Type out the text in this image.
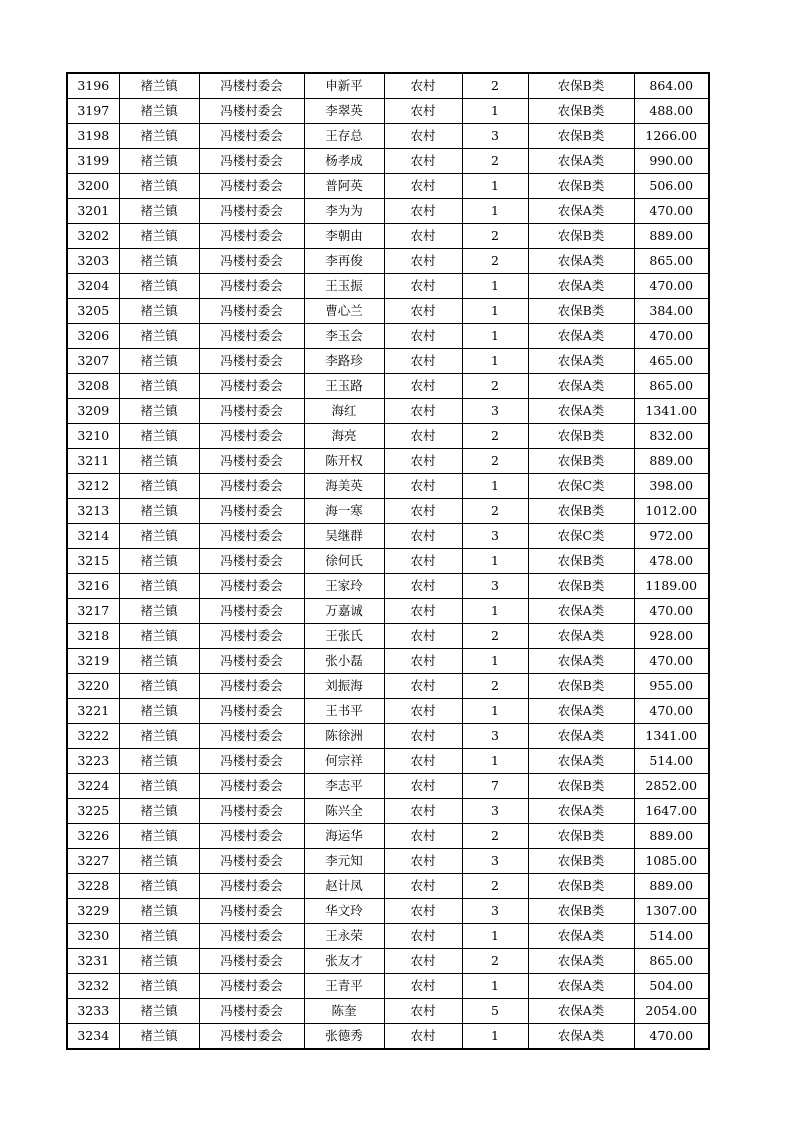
3196	褚兰镇	冯楼村委会	申新平	农村	2	农保B类	864.00
3197	褚兰镇	冯楼村委会	李翠英	农村	1	农保B类	488.00
3198	褚兰镇	冯楼村委会	王存总	农村	3	农保B类	1266.00
3199	褚兰镇	冯楼村委会	杨孝成	农村	2	农保A类	990.00
3200	褚兰镇	冯楼村委会	普阿英	农村	1	农保B类	506.00
3201	褚兰镇	冯楼村委会	李为为	农村	1	农保A类	470.00
3202	褚兰镇	冯楼村委会	李朝由	农村	2	农保B类	889.00
3203	褚兰镇	冯楼村委会	李再俊	农村	2	农保A类	865.00
3204	褚兰镇	冯楼村委会	王玉振	农村	1	农保A类	470.00
3205	褚兰镇	冯楼村委会	曹心兰	农村	1	农保B类	384.00
3206	褚兰镇	冯楼村委会	李玉会	农村	1	农保A类	470.00
3207	褚兰镇	冯楼村委会	李路珍	农村	1	农保A类	465.00
3208	褚兰镇	冯楼村委会	王玉路	农村	2	农保A类	865.00
3209	褚兰镇	冯楼村委会	海红	农村	3	农保A类	1341.00
3210	褚兰镇	冯楼村委会	海亮	农村	2	农保B类	832.00
3211	褚兰镇	冯楼村委会	陈开权	农村	2	农保B类	889.00
3212	褚兰镇	冯楼村委会	海美英	农村	1	农保C类	398.00
3213	褚兰镇	冯楼村委会	海一寒	农村	2	农保B类	1012.00
3214	褚兰镇	冯楼村委会	吴继群	农村	3	农保C类	972.00
3215	褚兰镇	冯楼村委会	徐何氏	农村	1	农保B类	478.00
3216	褚兰镇	冯楼村委会	王家玲	农村	3	农保B类	1189.00
3217	褚兰镇	冯楼村委会	万嘉诚	农村	1	农保A类	470.00
3218	褚兰镇	冯楼村委会	王张氏	农村	2	农保A类	928.00
3219	褚兰镇	冯楼村委会	张小磊	农村	1	农保A类	470.00
3220	褚兰镇	冯楼村委会	刘振海	农村	2	农保B类	955.00
3221	褚兰镇	冯楼村委会	王书平	农村	1	农保A类	470.00
3222	褚兰镇	冯楼村委会	陈徐洲	农村	3	农保A类	1341.00
3223	褚兰镇	冯楼村委会	何宗祥	农村	1	农保A类	514.00
3224	褚兰镇	冯楼村委会	李志平	农村	7	农保B类	2852.00
3225	褚兰镇	冯楼村委会	陈兴全	农村	3	农保A类	1647.00
3226	褚兰镇	冯楼村委会	海运华	农村	2	农保B类	889.00
3227	褚兰镇	冯楼村委会	李元知	农村	3	农保B类	1085.00
3228	褚兰镇	冯楼村委会	赵计凤	农村	2	农保B类	889.00
3229	褚兰镇	冯楼村委会	华文玲	农村	3	农保B类	1307.00
3230	褚兰镇	冯楼村委会	王永荣	农村	1	农保A类	514.00
3231	褚兰镇	冯楼村委会	张友才	农村	2	农保A类	865.00
3232	褚兰镇	冯楼村委会	王青平	农村	1	农保A类	504.00
3233	褚兰镇	冯楼村委会	陈奎	农村	5	农保A类	2054.00
3234	褚兰镇	冯楼村委会	张德秀	农村	1	农保A类	470.00
